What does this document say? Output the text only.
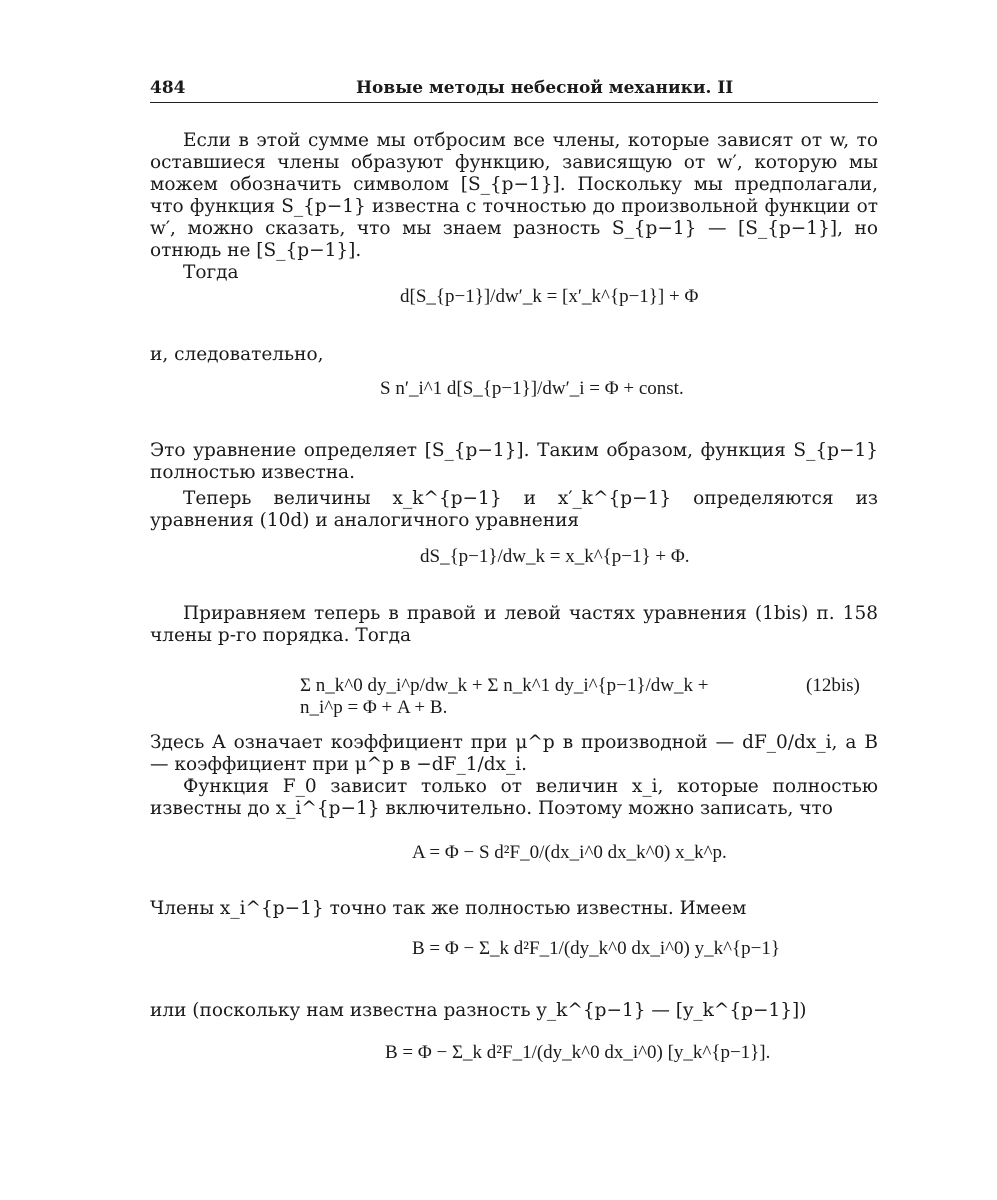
484	Новые методы небесной механики. II
Если в этой сумме мы отбросим все члены, которые зависят от w, то оставшиеся члены образуют функцию, зависящую от w′, которую мы можем обозначить символом [S_{p−1}]. Поскольку мы предполагали, что функция S_{p−1} известна с точностью до произвольной функции от w′, можно сказать, что мы знаем разность S_{p−1} — [S_{p−1}], но отнюдь не [S_{p−1}].
Тогда
d[S_{p−1}]/dw′_k = [x′_k^{p−1}] + Φ
и, следовательно,
S n′_i^1 d[S_{p−1}]/dw′_i = Φ + const.
Это уравнение определяет [S_{p−1}]. Таким образом, функция S_{p−1} полностью известна.
Теперь величины x_k^{p−1} и x′_k^{p−1} определяются из уравнения (10d) и аналогичного уравнения
dS_{p−1}/dw_k = x_k^{p−1} + Φ.
Приравняем теперь в правой и левой частях уравнения (1bis) п. 158 члены p-го порядка. Тогда
Σ n_k^0 dy_i^p/dw_k + Σ n_k^1 dy_i^{p−1}/dw_k + n_i^p = Φ + A + B.
(12bis)
Здесь A означает коэффициент при μ^p в производной — dF_0/dx_i, а B — коэффициент при μ^p в −dF_1/dx_i.
Функция F_0 зависит только от величин x_i, которые полностью известны до x_i^{p−1} включительно. Поэтому можно записать, что
A = Φ − S d²F_0/(dx_i^0 dx_k^0) x_k^p.
Члены x_i^{p−1} точно так же полностью известны. Имеем
B = Φ − Σ_k d²F_1/(dy_k^0 dx_i^0) y_k^{p−1}
или (поскольку нам известна разность y_k^{p−1} — [y_k^{p−1}])
B = Φ − Σ_k d²F_1/(dy_k^0 dx_i^0) [y_k^{p−1}].
